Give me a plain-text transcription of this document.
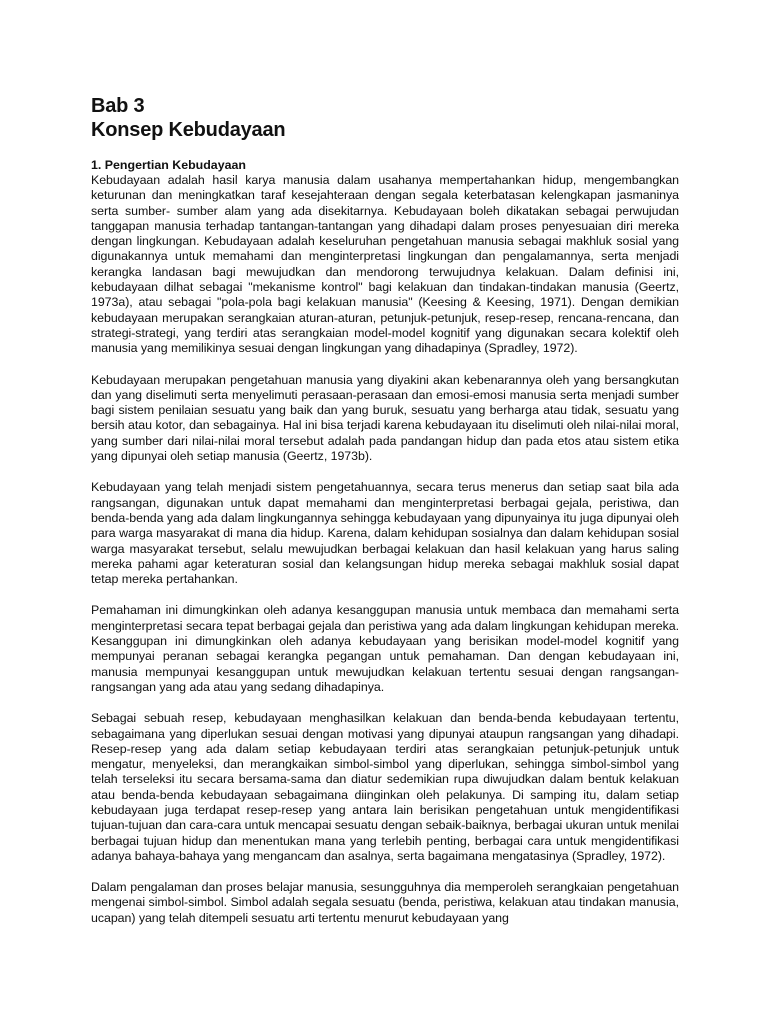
Bab 3
Konsep Kebudayaan
1. Pengertian Kebudayaan

Kebudayaan adalah hasil karya manusia dalam usahanya mempertahankan hidup, mengembangkan keturunan dan meningkatkan taraf kesejahteraan dengan segala keterbatasan kelengkapan jasmaninya serta sumber- sumber alam yang ada disekitarnya. Kebudayaan boleh dikatakan sebagai perwujudan tanggapan manusia terhadap tantangan-tantangan yang dihadapi dalam proses penyesuaian diri mereka dengan lingkungan. Kebudayaan adalah keseluruhan pengetahuan manusia sebagai makhluk sosial yang digunakannya untuk memahami dan menginterpretasi lingkungan dan pengalamannya, serta menjadi kerangka landasan bagi mewujudkan dan mendorong terwujudnya kelakuan. Dalam definisi ini, kebudayaan dilhat sebagai "mekanisme kontrol" bagi kelakuan dan tindakan-tindakan manusia (Geertz, 1973a), atau sebagai "pola-pola bagi kelakuan manusia" (Keesing & Keesing, 1971). Dengan demikian kebudayaan merupakan serangkaian aturan-aturan, petunjuk-petunjuk, resep-resep, rencana-rencana, dan strategi-strategi, yang terdiri atas serangkaian model-model kognitif yang digunakan secara kolektif oleh manusia yang memilikinya sesuai dengan lingkungan yang dihadapinya (Spradley, 1972).

Kebudayaan merupakan pengetahuan manusia yang diyakini akan kebenarannya oleh yang bersangkutan dan yang diselimuti serta menyelimuti perasaan-perasaan dan emosi-emosi manusia serta menjadi sumber bagi sistem penilaian sesuatu yang baik dan yang buruk, sesuatu yang berharga atau tidak, sesuatu yang bersih atau kotor, dan sebagainya. Hal ini bisa terjadi karena kebudayaan itu diselimuti oleh nilai-nilai moral, yang sumber dari nilai-nilai moral tersebut adalah pada pandangan hidup dan pada etos atau sistem etika yang dipunyai oleh setiap manusia (Geertz, 1973b).

Kebudayaan yang telah menjadi sistem pengetahuannya, secara terus menerus dan setiap saat bila ada rangsangan, digunakan untuk dapat memahami dan menginterpretasi berbagai gejala, peristiwa, dan benda-benda yang ada dalam lingkungannya sehingga kebudayaan yang dipunyainya itu juga dipunyai oleh para warga masyarakat di mana dia hidup. Karena, dalam kehidupan sosialnya dan dalam kehidupan sosial warga masyarakat tersebut, selalu mewujudkan berbagai kelakuan dan hasil kelakuan yang harus saling mereka pahami agar keteraturan sosial dan kelangsungan hidup mereka sebagai makhluk sosial dapat tetap mereka pertahankan.

Pemahaman ini dimungkinkan oleh adanya kesanggupan manusia untuk membaca dan memahami serta menginterpretasi secara tepat berbagai gejala dan peristiwa yang ada dalam lingkungan kehidupan mereka. Kesanggupan ini dimungkinkan oleh adanya kebudayaan yang berisikan model-model kognitif yang mempunyai peranan sebagai kerangka pegangan untuk pemahaman. Dan dengan kebudayaan ini, manusia mempunyai kesanggupan untuk mewujudkan kelakuan tertentu sesuai dengan rangsangan-rangsangan yang ada atau yang sedang dihadapinya.

Sebagai sebuah resep, kebudayaan menghasilkan kelakuan dan benda-benda kebudayaan tertentu, sebagaimana yang diperlukan sesuai dengan motivasi yang dipunyai ataupun rangsangan yang dihadapi. Resep-resep yang ada dalam setiap kebudayaan terdiri atas serangkaian petunjuk-petunjuk untuk mengatur, menyeleksi, dan merangkaikan simbol-simbol yang diperlukan, sehingga simbol-simbol yang telah terseleksi itu secara bersama-sama dan diatur sedemikian rupa diwujudkan dalam bentuk kelakuan atau benda-benda kebudayaan sebagaimana diinginkan oleh pelakunya. Di samping itu, dalam setiap kebudayaan juga terdapat resep-resep yang antara lain berisikan pengetahuan untuk mengidentifikasi tujuan-tujuan dan cara-cara untuk mencapai sesuatu dengan sebaik-baiknya, berbagai ukuran untuk menilai berbagai tujuan hidup dan menentukan mana yang terlebih penting, berbagai cara untuk mengidentifikasi adanya bahaya-bahaya yang mengancam dan asalnya, serta bagaimana mengatasinya (Spradley, 1972).

Dalam pengalaman dan proses belajar manusia, sesungguhnya dia memperoleh serangkaian pengetahuan mengenai simbol-simbol. Simbol adalah segala sesuatu (benda, peristiwa, kelakuan atau tindakan manusia, ucapan) yang telah ditempeli sesuatu arti tertentu menurut kebudayaan yang
